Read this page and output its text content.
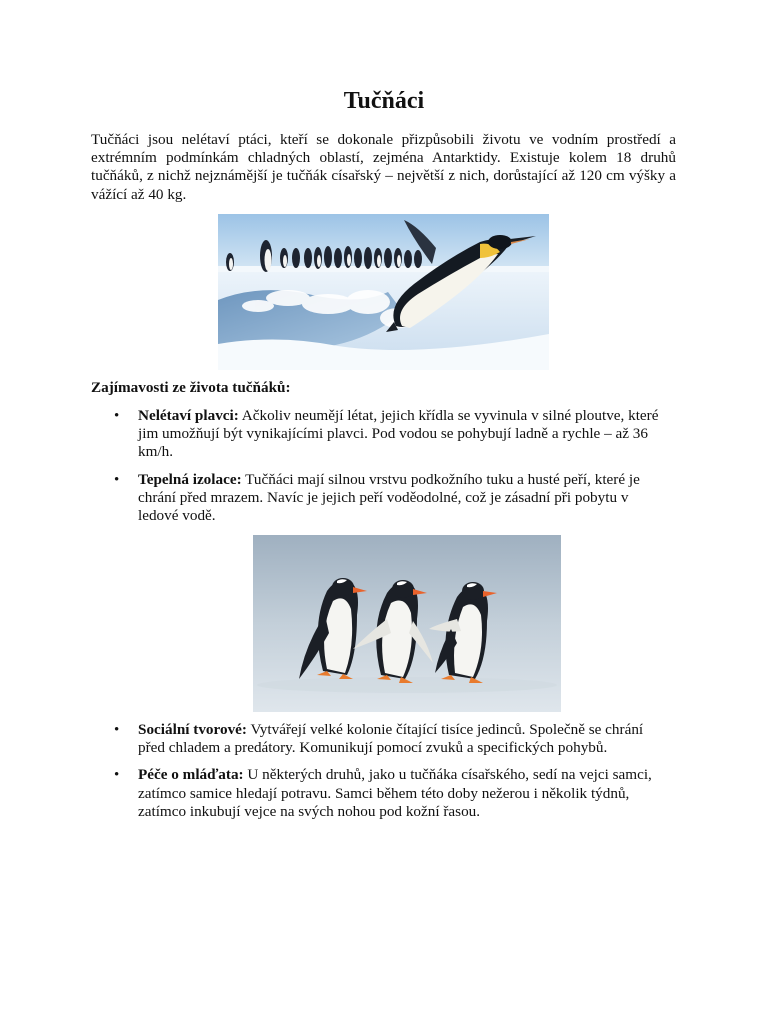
Tučňáci

Tučňáci jsou nelétaví ptáci, kteří se dokonale přizpůsobili životu ve vodním prostředí a extrémním podmínkám chladných oblastí, zejména Antarktidy. Existuje kolem 18 druhů tučňáků, z nichž nejznámější je tučňák císařský – největší z nich, dorůstající až 120 cm výšky a vážící až 40 kg.

Zajímavosti ze života tučňáků:

• Nelétaví plavci: Ačkoliv neumějí létat, jejich křídla se vyvinula v silné ploutve, které jim umožňují být vynikajícími plavci. Pod vodou se pohybují ladně a rychle – až 36 km/h.
• Tepelná izolace: Tučňáci mají silnou vrstvu podkožního tuku a husté peří, které je chrání před mrazem. Navíc je jejich peří voděodolné, což je zásadní při pobytu v ledové vodě.
• Sociální tvorové: Vytvářejí velké kolonie čítající tisíce jedinců. Společně se chrání před chladem a predátory. Komunikují pomocí zvuků a specifických pohybů.
• Péče o mláďata: U některých druhů, jako u tučňáka císařského, sedí na vejci samci, zatímco samice hledají potravu. Samci během této doby nežerou i několik týdnů, zatímco inkubují vejce na svých nohou pod kožní řasou.
